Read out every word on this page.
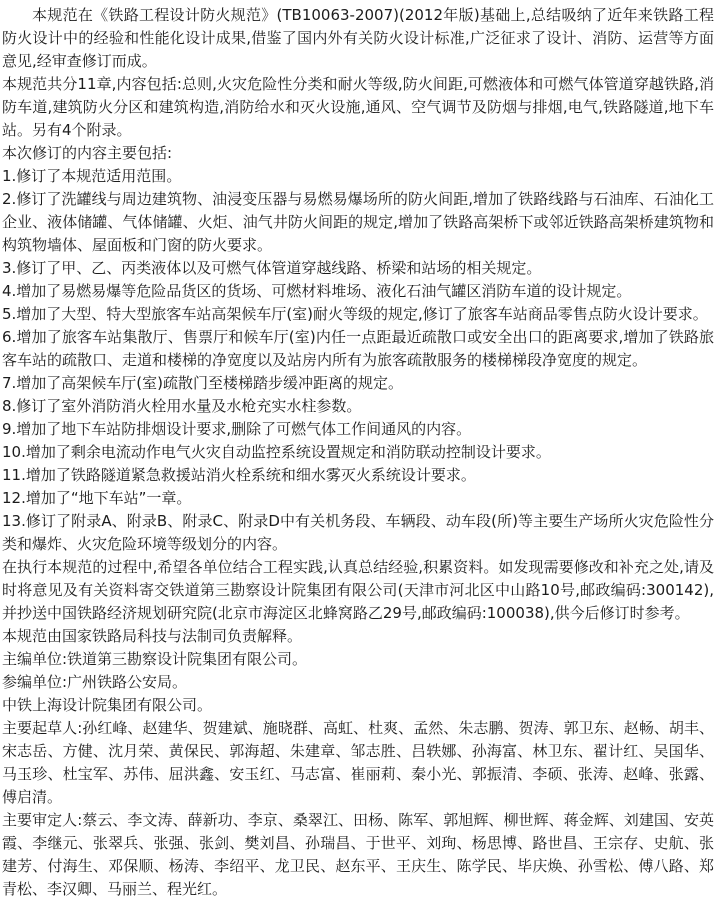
本规范在《铁路工程设计防火规范》(TB10063-2007)(2012年版)基础上,总结吸纳了近年来铁路工程防火设计中的经验和性能化设计成果,借鉴了国内外有关防火设计标准,广泛征求了设计、消防、运营等方面意见,经审查修订而成。

本规范共分11章,内容包括:总则,火灾危险性分类和耐火等级,防火间距,可燃液体和可燃气体管道穿越铁路,消防车道,建筑防火分区和建筑构造,消防给水和灭火设施,通风、空气调节及防烟与排烟,电气,铁路隧道,地下车站。另有4个附录。

本次修订的内容主要包括:

1.修订了本规范适用范围。

2.修订了洗罐线与周边建筑物、油浸变压器与易燃易爆场所的防火间距,增加了铁路线路与石油库、石油化工企业、液体储罐、气体储罐、火炬、油气井防火间距的规定,增加了铁路高架桥下或邻近铁路高架桥建筑物和构筑物墙体、屋面板和门窗的防火要求。

3.修订了甲、乙、丙类液体以及可燃气体管道穿越线路、桥梁和站场的相关规定。

4.增加了易燃易爆等危险品货区的货场、可燃材料堆场、液化石油气罐区消防车道的设计规定。

5.增加了大型、特大型旅客车站高架候车厅(室)耐火等级的规定,修订了旅客车站商品零售点防火设计要求。

6.增加了旅客车站集散厅、售票厅和候车厅(室)内任一点距最近疏散口或安全出口的距离要求,增加了铁路旅客车站的疏散口、走道和楼梯的净宽度以及站房内所有为旅客疏散服务的楼梯梯段净宽度的规定。

7.增加了高架候车厅(室)疏散门至楼梯踏步缓冲距离的规定。

8.修订了室外消防消火栓用水量及水枪充实水柱参数。

9.增加了地下车站防排烟设计要求,删除了可燃气体工作间通风的内容。

10.增加了剩余电流动作电气火灾自动监控系统设置规定和消防联动控制设计要求。

11.增加了铁路隧道紧急救援站消火栓系统和细水雾灭火系统设计要求。

12.增加了“地下车站”一章。

13.修订了附录A、附录B、附录C、附录D中有关机务段、车辆段、动车段(所)等主要生产场所火灾危险性分类和爆炸、火灾危险环境等级划分的内容。

在执行本规范的过程中,希望各单位结合工程实践,认真总结经验,积累资料。如发现需要修改和补充之处,请及时将意见及有关资料寄交铁道第三勘察设计院集团有限公司(天津市河北区中山路10号,邮政编码:300142),并抄送中国铁路经济规划研究院(北京市海淀区北蜂窝路乙29号,邮政编码:100038),供今后修订时参考。

本规范由国家铁路局科技与法制司负责解释。

主编单位:铁道第三勘察设计院集团有限公司。

参编单位:广州铁路公安局。

中铁上海设计院集团有限公司。

主要起草人:孙红峰、赵建华、贺建斌、施晓群、高虹、杜爽、孟然、朱志鹏、贺涛、郭卫东、赵畅、胡丰、宋志岳、方健、沈月荣、黄保民、郭海超、朱建章、邹志胜、吕轶娜、孙海富、林卫东、翟计红、吴国华、马玉珍、杜宝军、苏伟、屈洪鑫、安玉红、马志富、崔丽莉、秦小光、郭振清、李硕、张涛、赵峰、张露、傅启清。

主要审定人:蔡云、李文涛、薛新功、李京、桑翠江、田杨、陈军、郭旭辉、柳世辉、蒋金辉、刘建国、安英霞、李继元、张翠兵、张强、张剑、樊刘昌、孙瑞昌、于世平、刘珣、杨思博、路世昌、王宗存、史航、张建芳、付海生、邓保顺、杨涛、李绍平、龙卫民、赵东平、王庆生、陈学民、毕庆焕、孙雪松、傅八路、郑青松、李汉卿、马丽兰、程光红。
